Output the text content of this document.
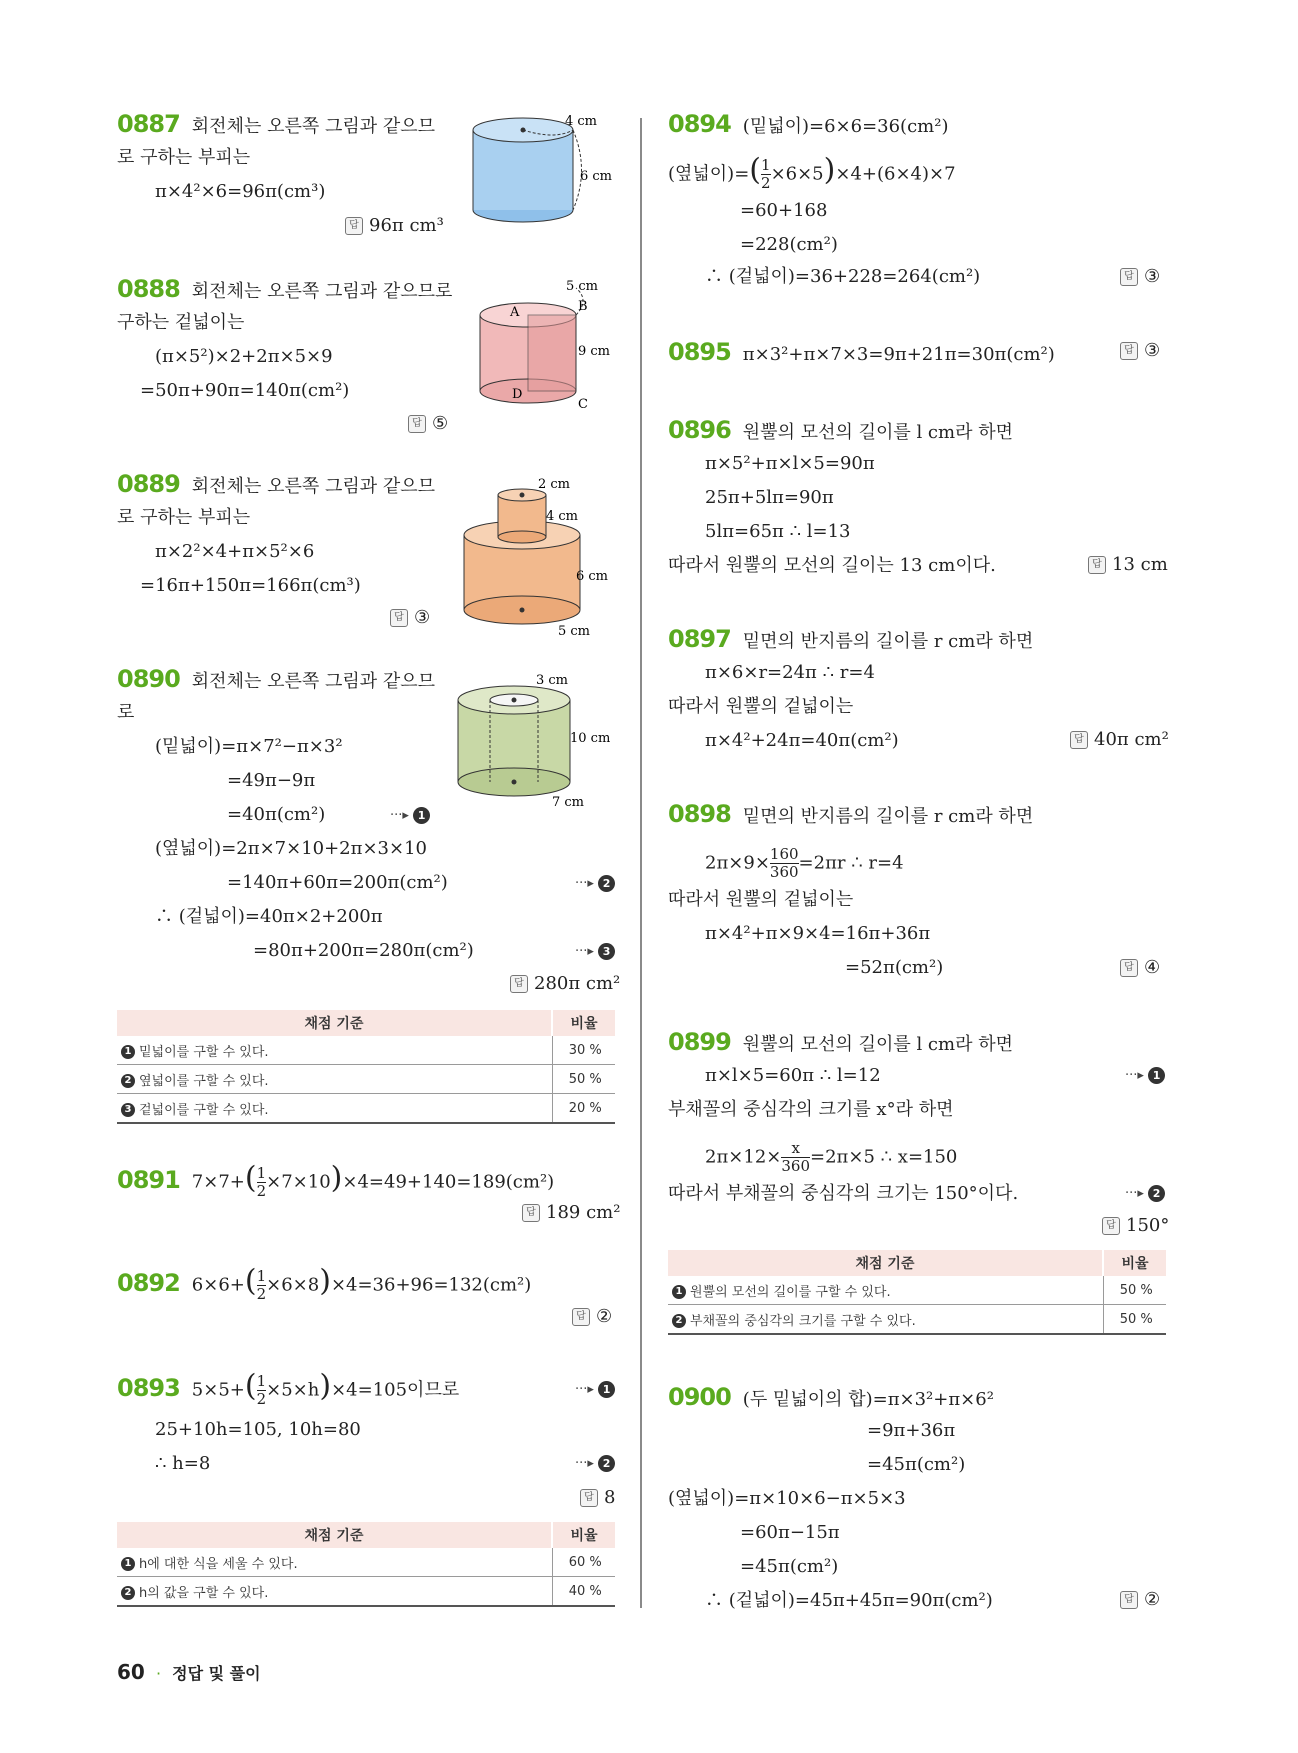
0887 회전체는 오른쪽 그림과 같으므
로 구하는 부피는
π×4²×6=96π(cm³)
답 96π cm³
4 cm
6 cm
0888 회전체는 오른쪽 그림과 같으므로
구하는 겉넓이는
(π×5²)×2+2π×5×9
=50π+90π=140π(cm²)
답 ⑤
5 cm
9 cm
A	B
C
D
0889 회전체는 오른쪽 그림과 같으므
로 구하는 부피는
π×2²×4+π×5²×6
=16π+150π=166π(cm³)
답 ③
2 cm
4 cm
6 cm
5 cm
0890 회전체는 오른쪽 그림과 같으므
로
(밑넓이)=π×7²−π×3²
=49π−9π
=40π(cm²)	···▸ 1
(옆넓이)=2π×7×10+2π×3×10
=140π+60π=200π(cm²)	···▸ 2
∴ (겉넓이)=40π×2+200π
=80π+200π=280π(cm²)	···▸ 3
답 280π cm²
3 cm
10 cm
7 cm
채점 기준	비율
1 밑넓이를 구할 수 있다.	30 %
2 옆넓이를 구할 수 있다.	50 %
3 겉넓이를 구할 수 있다.	20 %
0891 $7\times 7+( \frac{1}{2} \times 7\times 10)\times 4=49+140=189(cm^2)$
답 189 cm²
0892 $6\times 6+( \frac{1}{2} \times 6\times 8)\times 4=36+96=132(cm^2)$
답 ②
0893 $5\times 5+( \frac{1}{2} \times 5\times h)\times 4=105$이므로	···▸ 1
25+10h=105, 10h=80
∴ h=8	···▸ 2
답 8
채점 기준	비율
1 h에 대한 식을 세울 수 있다.	60 %
2 h의 값을 구할 수 있다.	40 %
0894 (밑넓이)=6×6=36(cm²)
(옆넓이)=( $\frac{1}{2} \times 6\times 5)\times 4+(6\times 4)\times 7$
=60+168
=228(cm²)
∴ (겉넓이)=36+228=264(cm²)	답 ③
0895 π×3²+π×7×3=9π+21π=30π(cm²)	답 ③
0896 원뿔의 모선의 길이를 l cm라 하면
π×5²+π×l×5=90π
25π+5lπ=90π
5lπ=65π ∴ l=13
따라서 원뿔의 모선의 길이는 13 cm이다.	답 13 cm
0897 밑면의 반지름의 길이를 r cm라 하면
π×6×r=24π ∴ r=4
따라서 원뿔의 겉넓이는
π×4²+24π=40π(cm²)	답 40π cm²
0898 밑면의 반지름의 길이를 r cm라 하면
$2\pi\times 9\times \frac{160}{360} =2\pi r$ ∴ r=4
따라서 원뿔의 겉넓이는
π×4²+π×9×4=16π+36π
=52π(cm²)	답 ④
0899 원뿔의 모선의 길이를 l cm라 하면
π×l×5=60π ∴ l=12	···▸ 1
부채꼴의 중심각의 크기를 x°라 하면
$2\pi\times 12\times \frac{x}{360} =2\pi\times 5$ ∴ x=150
따라서 부채꼴의 중심각의 크기는 150°이다.	···▸ 2
답 150°
채점 기준	비율
1 원뿔의 모선의 길이를 구할 수 있다.	50 %
2 부채꼴의 중심각의 크기를 구할 수 있다.	50 %
0900 (두 밑넓이의 합)=π×3²+π×6²
=9π+36π
=45π(cm²)
(옆넓이)=π×10×6−π×5×3
=60π−15π
=45π(cm²)
∴ (겉넓이)=45π+45π=90π(cm²)	답 ②
60 · 정답 및 풀이
